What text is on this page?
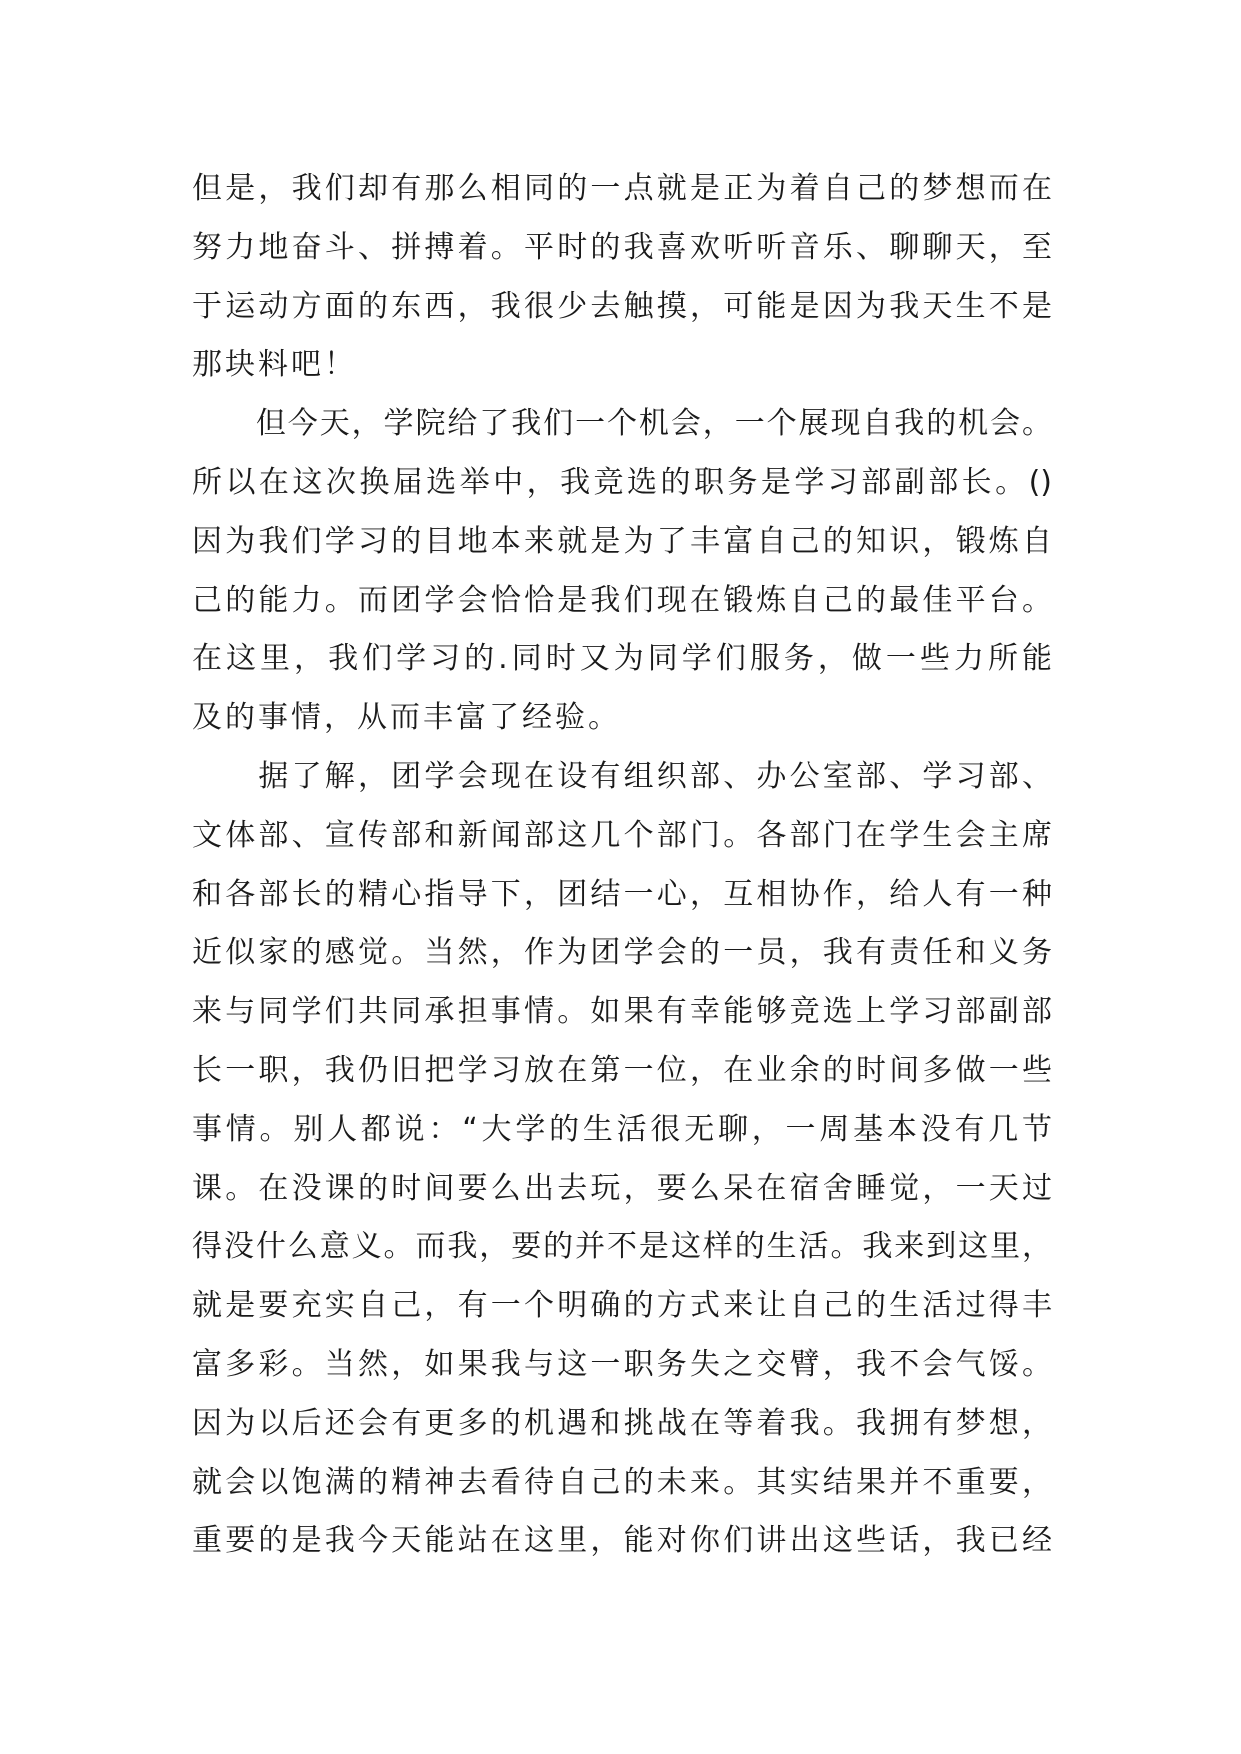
但是，我们却有那么相同的一点就是正为着自己的梦想而在
努力地奋斗、拼搏着。平时的我喜欢听听音乐、聊聊天，至
于运动方面的东西，我很少去触摸，可能是因为我天生不是
那块料吧！
　　但今天，学院给了我们一个机会，一个展现自我的机会。
所以在这次换届选举中，我竞选的职务是学习部副部长。()
因为我们学习的目地本来就是为了丰富自己的知识，锻炼自
己的能力。而团学会恰恰是我们现在锻炼自己的最佳平台。
在这里，我们学习的.同时又为同学们服务，做一些力所能
及的事情，从而丰富了经验。
　　据了解，团学会现在设有组织部、办公室部、学习部、
文体部、宣传部和新闻部这几个部门。各部门在学生会主席
和各部长的精心指导下，团结一心，互相协作，给人有一种
近似家的感觉。当然，作为团学会的一员，我有责任和义务
来与同学们共同承担事情。如果有幸能够竞选上学习部副部
长一职，我仍旧把学习放在第一位，在业余的时间多做一些
事情。别人都说：“大学的生活很无聊，一周基本没有几节
课。在没课的时间要么出去玩，要么呆在宿舍睡觉，一天过
得没什么意义。而我，要的并不是这样的生活。我来到这里，
就是要充实自己，有一个明确的方式来让自己的生活过得丰
富多彩。当然，如果我与这一职务失之交臂，我不会气馁。
因为以后还会有更多的机遇和挑战在等着我。我拥有梦想，
就会以饱满的精神去看待自己的未来。其实结果并不重要，
重要的是我今天能站在这里，能对你们讲出这些话，我已经
